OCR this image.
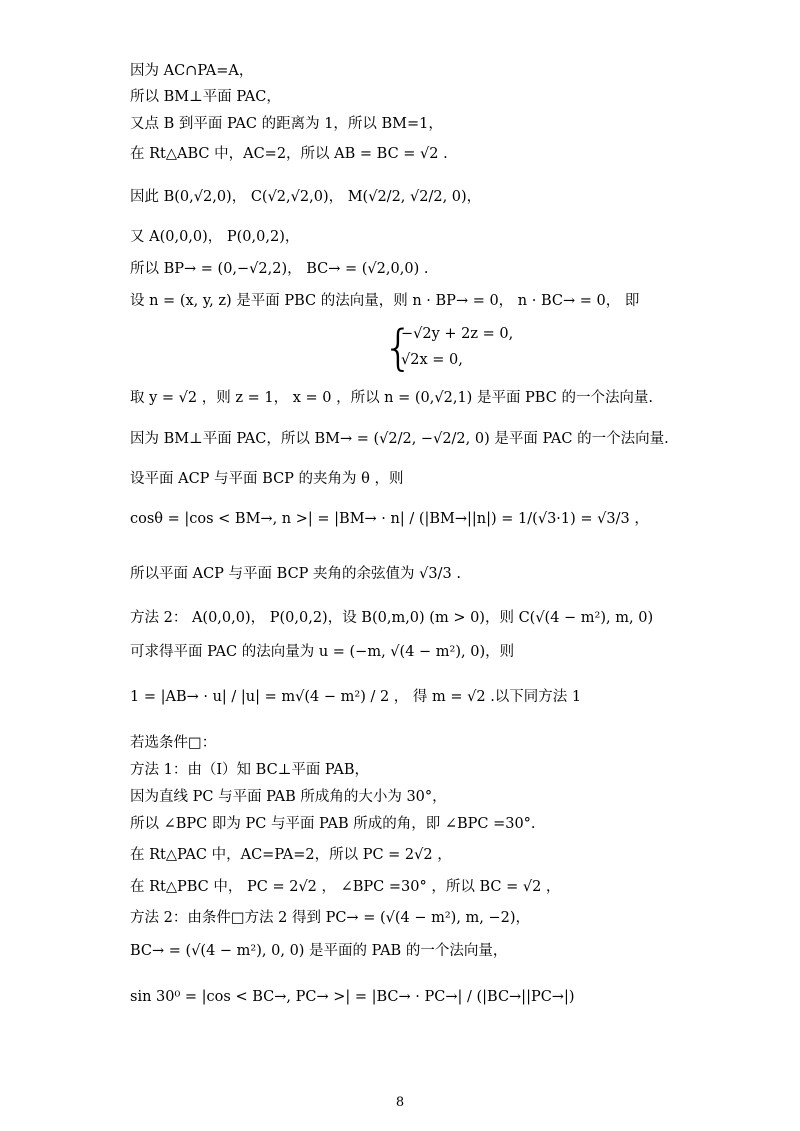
因为 AC∩PA=A，
所以 BM⊥平面 PAC，
又点 B 到平面 PAC 的距离为 1，所以 BM=1，
在 Rt△ABC 中，AC=2，所以 AB = BC = √2 .
因此 B(0,√2,0)， C(√2,√2,0)， M(√2/2, √2/2, 0)，
又 A(0,0,0)， P(0,0,2)，
所以 BP→ = (0,−√2,2)， BC→ = (√2,0,0) .
设 n = (x, y, z) 是平面 PBC 的法向量，则 n · BP→ = 0， n · BC→ = 0， 即
{
−√2y + 2z = 0,
√2x = 0,
取 y = √2 ，则 z = 1， x = 0 ，所以 n = (0,√2,1) 是平面 PBC 的一个法向量.
因为 BM⊥平面 PAC，所以 BM→ = (√2/2, −√2/2, 0) 是平面 PAC 的一个法向量.
设平面 ACP 与平面 BCP 的夹角为 θ ，则
cosθ = |cos < BM→, n >| = |BM→ · n| / (|BM→||n|) = 1/(√3·1) = √3/3 ，
所以平面 ACP 与平面 BCP 夹角的余弦值为 √3/3 .
方法 2： A(0,0,0)， P(0,0,2)，设 B(0,m,0) (m > 0)，则 C(√(4 − m²), m, 0)
可求得平面 PAC 的法向量为 u = (−m, √(4 − m²), 0)，则
1 = |AB→ · u| / |u| = m√(4 − m²) / 2 ， 得 m = √2 .以下同方法 1
若选条件□：
方法 1：由（Ⅰ）知 BC⊥平面 PAB，
因为直线 PC 与平面 PAB 所成角的大小为 30°，
所以 ∠BPC 即为 PC 与平面 PAB 所成的角，即 ∠BPC =30°.
在 Rt△PAC 中，AC=PA=2，所以 PC = 2√2 ，
在 Rt△PBC 中， PC = 2√2 ， ∠BPC =30° ，所以 BC = √2 ，
方法 2：由条件□方法 2 得到 PC→ = (√(4 − m²), m, −2)，
BC→ = (√(4 − m²), 0, 0) 是平面的 PAB 的一个法向量，
sin 30⁰ = |cos < BC→, PC→ >| = |BC→ · PC→| / (|BC→||PC→|)
8
